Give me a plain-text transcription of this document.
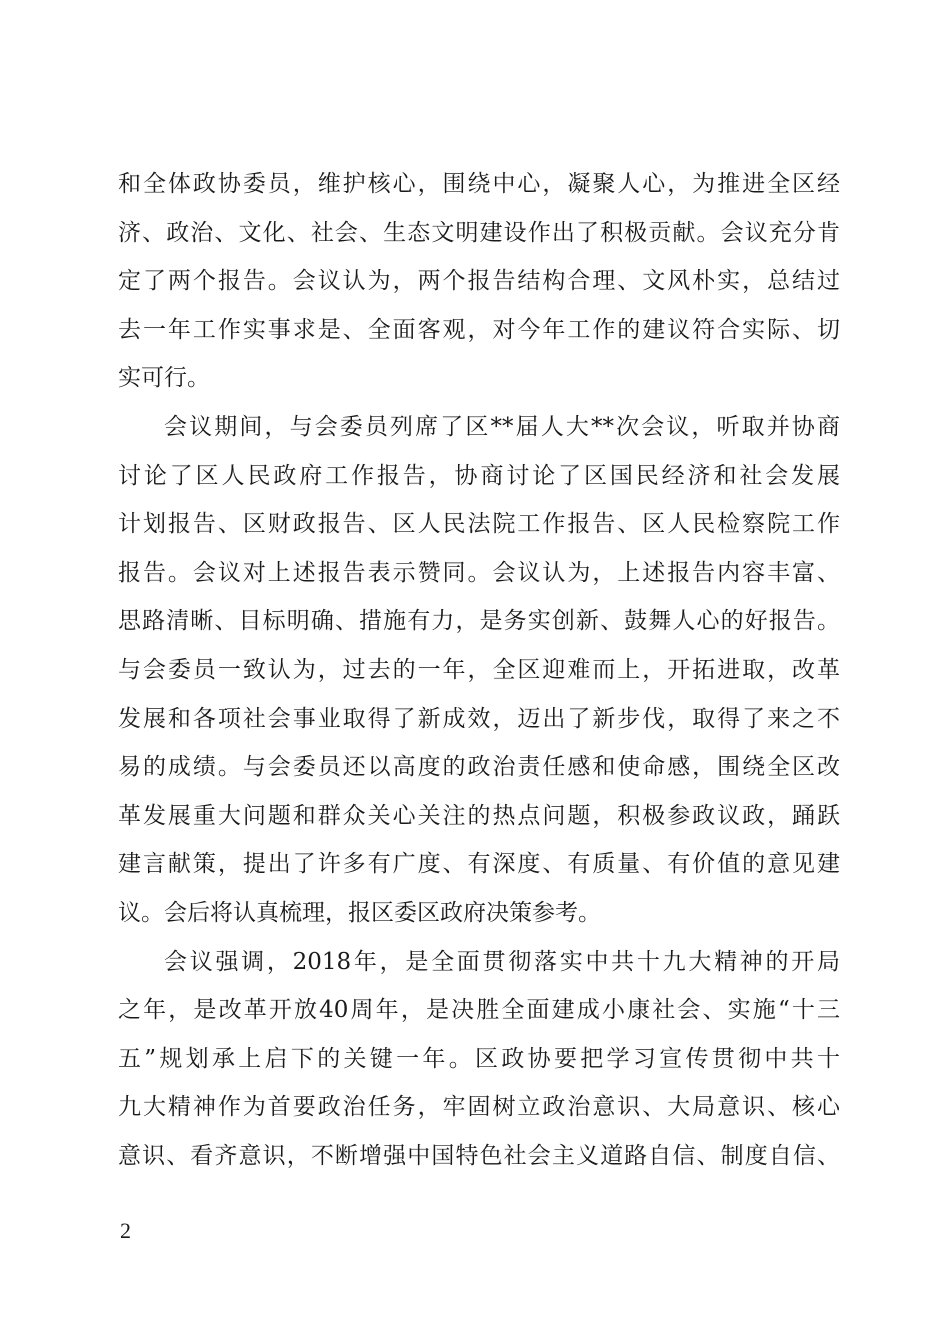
和全体政协委员，维护核心，围绕中心，凝聚人心，为推进全区经
济、政治、文化、社会、生态文明建设作出了积极贡献。会议充分肯
定了两个报告。会议认为，两个报告结构合理、文风朴实，总结过
去一年工作实事求是、全面客观，对今年工作的建议符合实际、切
实可行。
会议期间，与会委员列席了区**届人大**次会议，听取并协商
讨论了区人民政府工作报告，协商讨论了区国民经济和社会发展
计划报告、区财政报告、区人民法院工作报告、区人民检察院工作
报告。会议对上述报告表示赞同。会议认为，上述报告内容丰富、
思路清晰、目标明确、措施有力，是务实创新、鼓舞人心的好报告。
与会委员一致认为，过去的一年，全区迎难而上，开拓进取，改革
发展和各项社会事业取得了新成效，迈出了新步伐，取得了来之不
易的成绩。与会委员还以高度的政治责任感和使命感，围绕全区改
革发展重大问题和群众关心关注的热点问题，积极参政议政，踊跃
建言献策，提出了许多有广度、有深度、有质量、有价值的意见建
议。会后将认真梳理，报区委区政府决策参考。
会议强调，2018年，是全面贯彻落实中共十九大精神的开局
之年，是改革开放40周年，是决胜全面建成小康社会、实施“十三
五”规划承上启下的关键一年。区政协要把学习宣传贯彻中共十
九大精神作为首要政治任务，牢固树立政治意识、大局意识、核心
意识、看齐意识，不断增强中国特色社会主义道路自信、制度自信、
2
